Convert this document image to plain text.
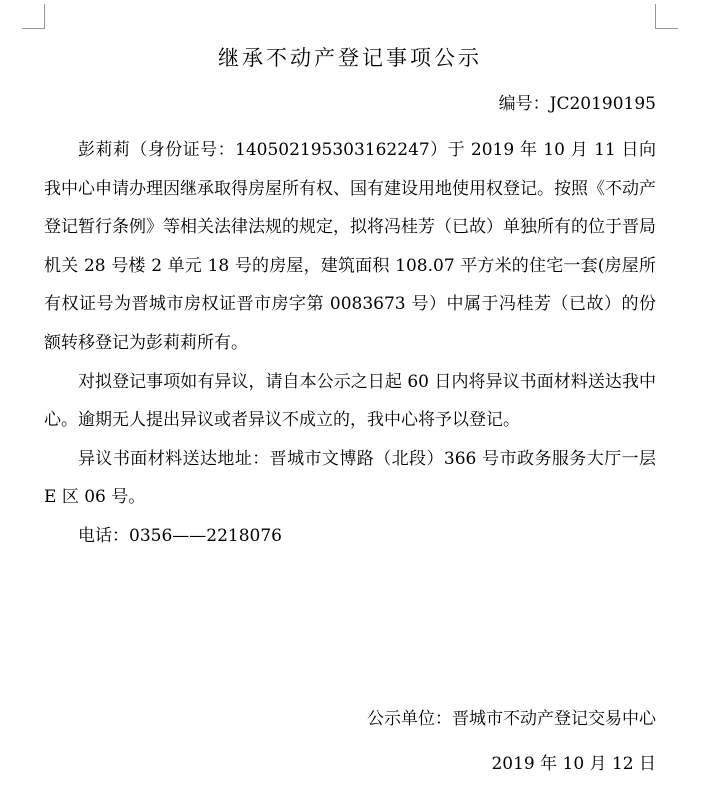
继承不动产登记事项公示
编号：JC20190195

彭莉莉（身份证号：140502195303162247）于 2019 年 10 月 11 日向我中心申请办理因继承取得房屋所有权、国有建设用地使用权登记。按照《不动产登记暂行条例》等相关法律法规的规定，拟将冯桂芳（已故）单独所有的位于晋局机关 28 号楼 2 单元 18 号的房屋，建筑面积 108.07 平方米的住宅一套(房屋所有权证号为晋城市房权证晋市房字第 0083673 号）中属于冯桂芳（已故）的份额转移登记为彭莉莉所有。

对拟登记事项如有异议，请自本公示之日起 60 日内将异议书面材料送达我中心。逾期无人提出异议或者异议不成立的，我中心将予以登记。

异议书面材料送达地址：晋城市文博路（北段）366 号市政务服务大厅一层 E 区 06 号。

电话：0356——2218076

公示单位：晋城市不动产登记交易中心
2019 年 10 月 12 日
